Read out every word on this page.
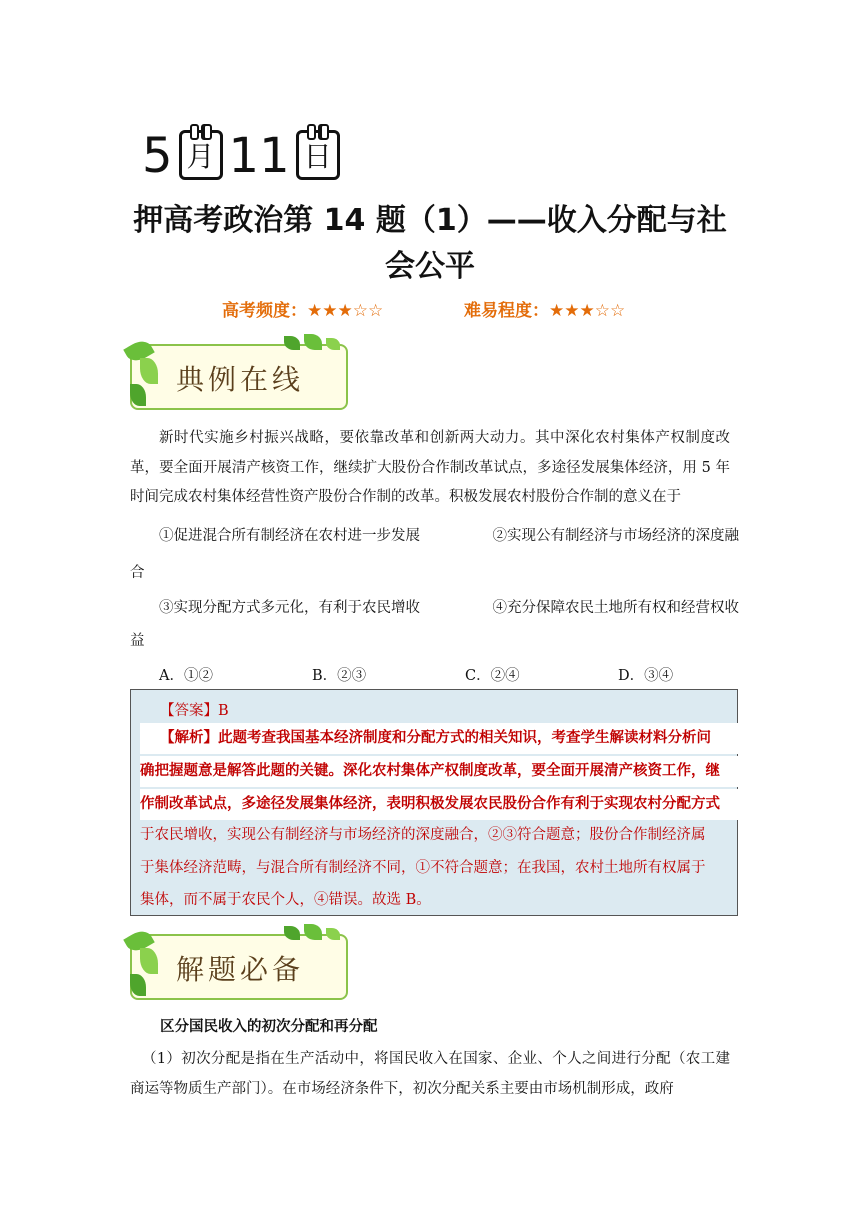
5 月 11 日
押高考政治第 14 题（1）——收入分配与社
会公平
高考频度：★★★☆☆	难易程度：★★★☆☆
典例在线
新时代实施乡村振兴战略，要依靠改革和创新两大动力。其中深化农村集体产权制度改革，要全面开展清产核资工作，继续扩大股份合作制改革试点，多途径发展集体经济，用 5 年时间完成农村集体经营性资产股份合作制的改革。积极发展农村股份合作制的意义在于
①促进混合所有制经济在农村进一步发展	②实现公有制经济与市场经济的深度融
合
③实现分配方式多元化，有利于农民增收	④充分保障农民土地所有权和经营权收
益
A．①②	B．②③	C．②④	D．③④
【答案】B
【解析】此题考查我国基本经济制度和分配方式的相关知识，考查学生解读材料分析问
确把握题意是解答此题的关键。深化农村集体产权制度改革，要全面开展清产核资工作，继
作制改革试点，多途径发展集体经济，表明积极发展农民股份合作有利于实现农村分配方式
于农民增收，实现公有制经济与市场经济的深度融合，②③符合题意；股份合作制经济属
于集体经济范畴，与混合所有制经济不同，①不符合题意；在我国，农村土地所有权属于
集体，而不属于农民个人，④错误。故选 B。
解题必备
区分国民收入的初次分配和再分配
（1）初次分配是指在生产活动中，将国民收入在国家、企业、个人之间进行分配（农工建商运等物质生产部门）。在市场经济条件下，初次分配关系主要由市场机制形成，政府
